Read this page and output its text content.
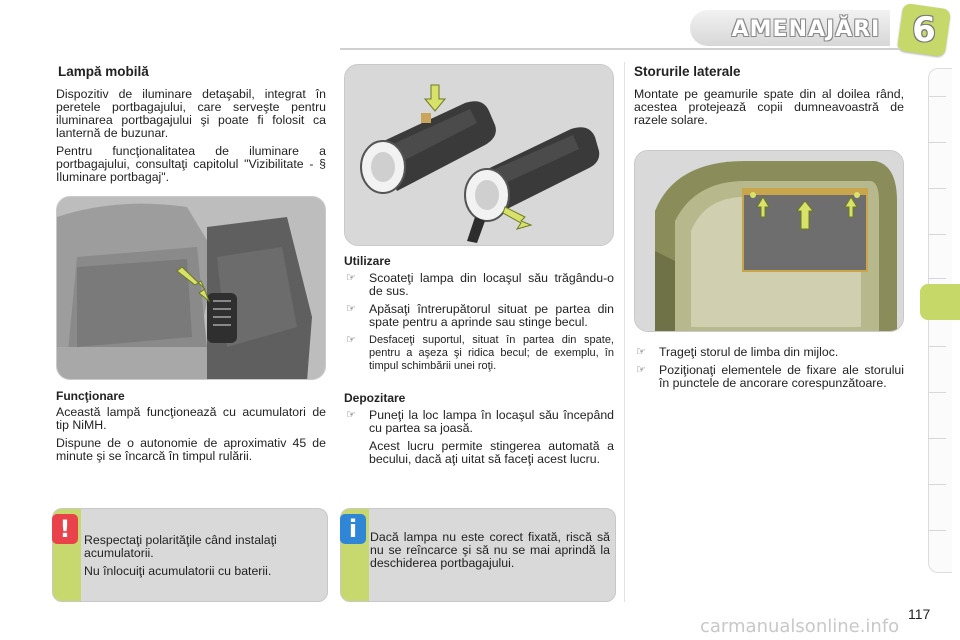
AMENAJĂRI 6
Lampă mobilă

Dispozitiv de iluminare detaşabil, integrat în peretele portbagajului, care serveşte pentru iluminarea portbagajului şi poate fi folosit ca lanternă de buzunar.

Pentru funcţionalitatea de iluminare a portbagajului, consultaţi capitolul "Vizibilitate - § Iluminare portbagaj".

Funcţionare

Această lampă funcţionează cu acumulatori de tip NiMH.

Dispune de o autonomie de aproximativ 45 de minute şi se încarcă în timpul rulării.

Utilizare
☞ Scoateţi lampa din locaşul său trăgându-o de sus.
☞ Apăsaţi întrerupătorul situat pe partea din spate pentru a aprinde sau stinge becul.
☞ Desfaceţi suportul, situat în partea din spate, pentru a aşeza şi ridica becul; de exemplu, în timpul schimbării unei roţi.
Depozitare
☞ Puneţi la loc lampa în locaşul său începând cu partea sa joasă.
Acest lucru permite stingerea automată a becului, dacă aţi uitat să faceţi acest lucru.
Storurile laterale
Montate pe geamurile spate din al doilea rând, acestea protejează copii dumneavoastră de razele solare.
☞ Trageţi storul de limba din mijloc.
☞ Poziţionaţi elementele de fixare ale storului în punctele de ancorare corespunzătoare.
!	Respectaţi polarităţile când instalaţi acumulatorii.

Nu înlocuiţi acumulatorii cu baterii.

i	Dacă lampa nu este corect fixată, riscă să nu se reîncarce şi să nu se mai aprindă la deschiderea portbagajului.
117
carmanualsonline.info
